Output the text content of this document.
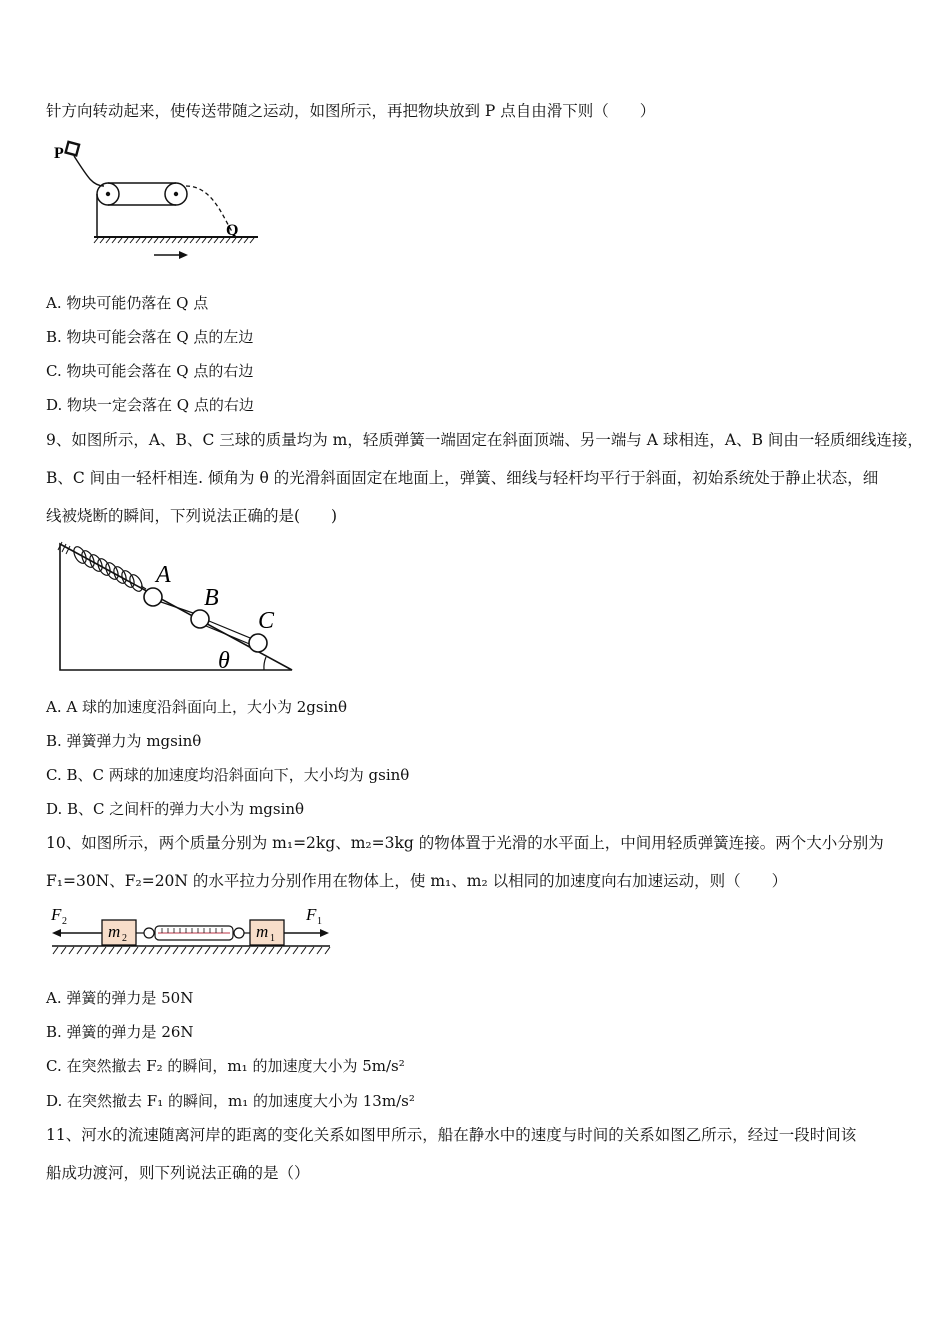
针方向转动起来，使传送带随之运动，如图所示，再把物块放到 P 点自由滑下则（　　）
P
Q
A. 物块可能仍落在 Q 点
B. 物块可能会落在 Q 点的左边
C. 物块可能会落在 Q 点的右边
D. 物块一定会落在 Q 点的右边
9、如图所示，A、B、C 三球的质量均为 m，轻质弹簧一端固定在斜面顶端、另一端与 A 球相连，A、B 间由一轻质细线连接，
B、C 间由一轻杆相连. 倾角为 θ 的光滑斜面固定在地面上，弹簧、细线与轻杆均平行于斜面，初始系统处于静止状态，细
线被烧断的瞬间，下列说法正确的是(　　)
A
B
C
θ
A. A 球的加速度沿斜面向上，大小为 2gsinθ
B. 弹簧弹力为 mgsinθ
C. B、C 两球的加速度均沿斜面向下，大小均为 gsinθ
D. B、C 之间杆的弹力大小为 mgsinθ
10、如图所示，两个质量分别为 m₁=2kg、m₂=3kg 的物体置于光滑的水平面上，中间用轻质弹簧连接。两个大小分别为
F₁=30N、F₂=20N 的水平拉力分别作用在物体上，使 m₁、m₂ 以相同的加速度向右加速运动，则（　　）
F 2
m 2	m 1
F 1
A. 弹簧的弹力是 50N
B. 弹簧的弹力是 26N
C. 在突然撤去 F₂ 的瞬间，m₁ 的加速度大小为 5m/s²
D. 在突然撤去 F₁ 的瞬间，m₁ 的加速度大小为 13m/s²
11、河水的流速随离河岸的距离的变化关系如图甲所示，船在静水中的速度与时间的关系如图乙所示，经过一段时间该
船成功渡河，则下列说法正确的是（）
